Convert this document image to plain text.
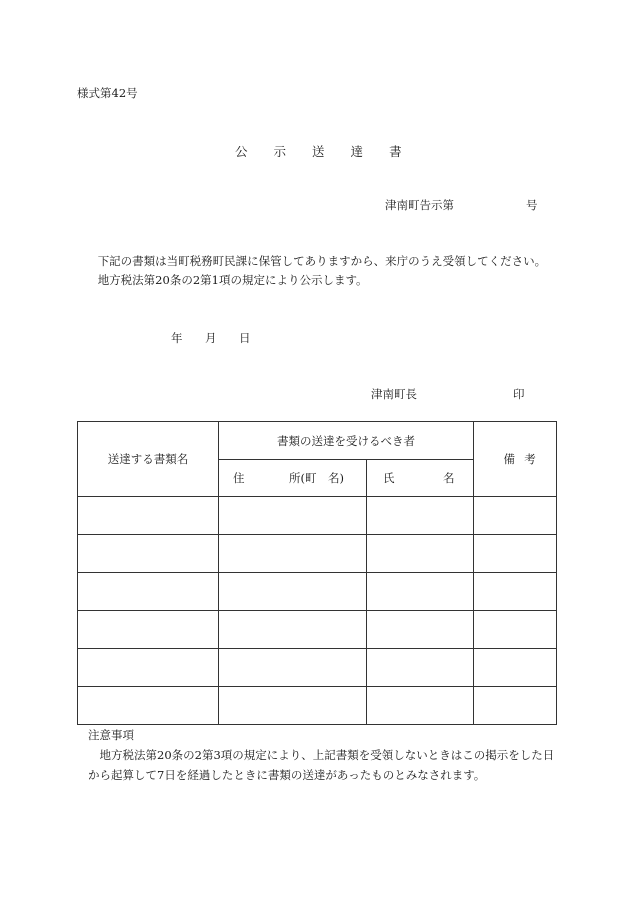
様式第42号
公 示 送 達 書
津南町告示第	号

下記の書類は当町税務町民課に保管してありますから、来庁のうえ受領してください。

地方税法第20条の2第1項の規定により公示します。

年 月 日
津南町長	印
送達する書類名	書類の送達を受けるべき者		備 考
	住 所(町　名)	氏 名	

注意事項

地方税法第20条の2第3項の規定により、上記書類を受領しないときはこの掲示をした日から起算して7日を経過したときに書類の送達があったものとみなされます。
